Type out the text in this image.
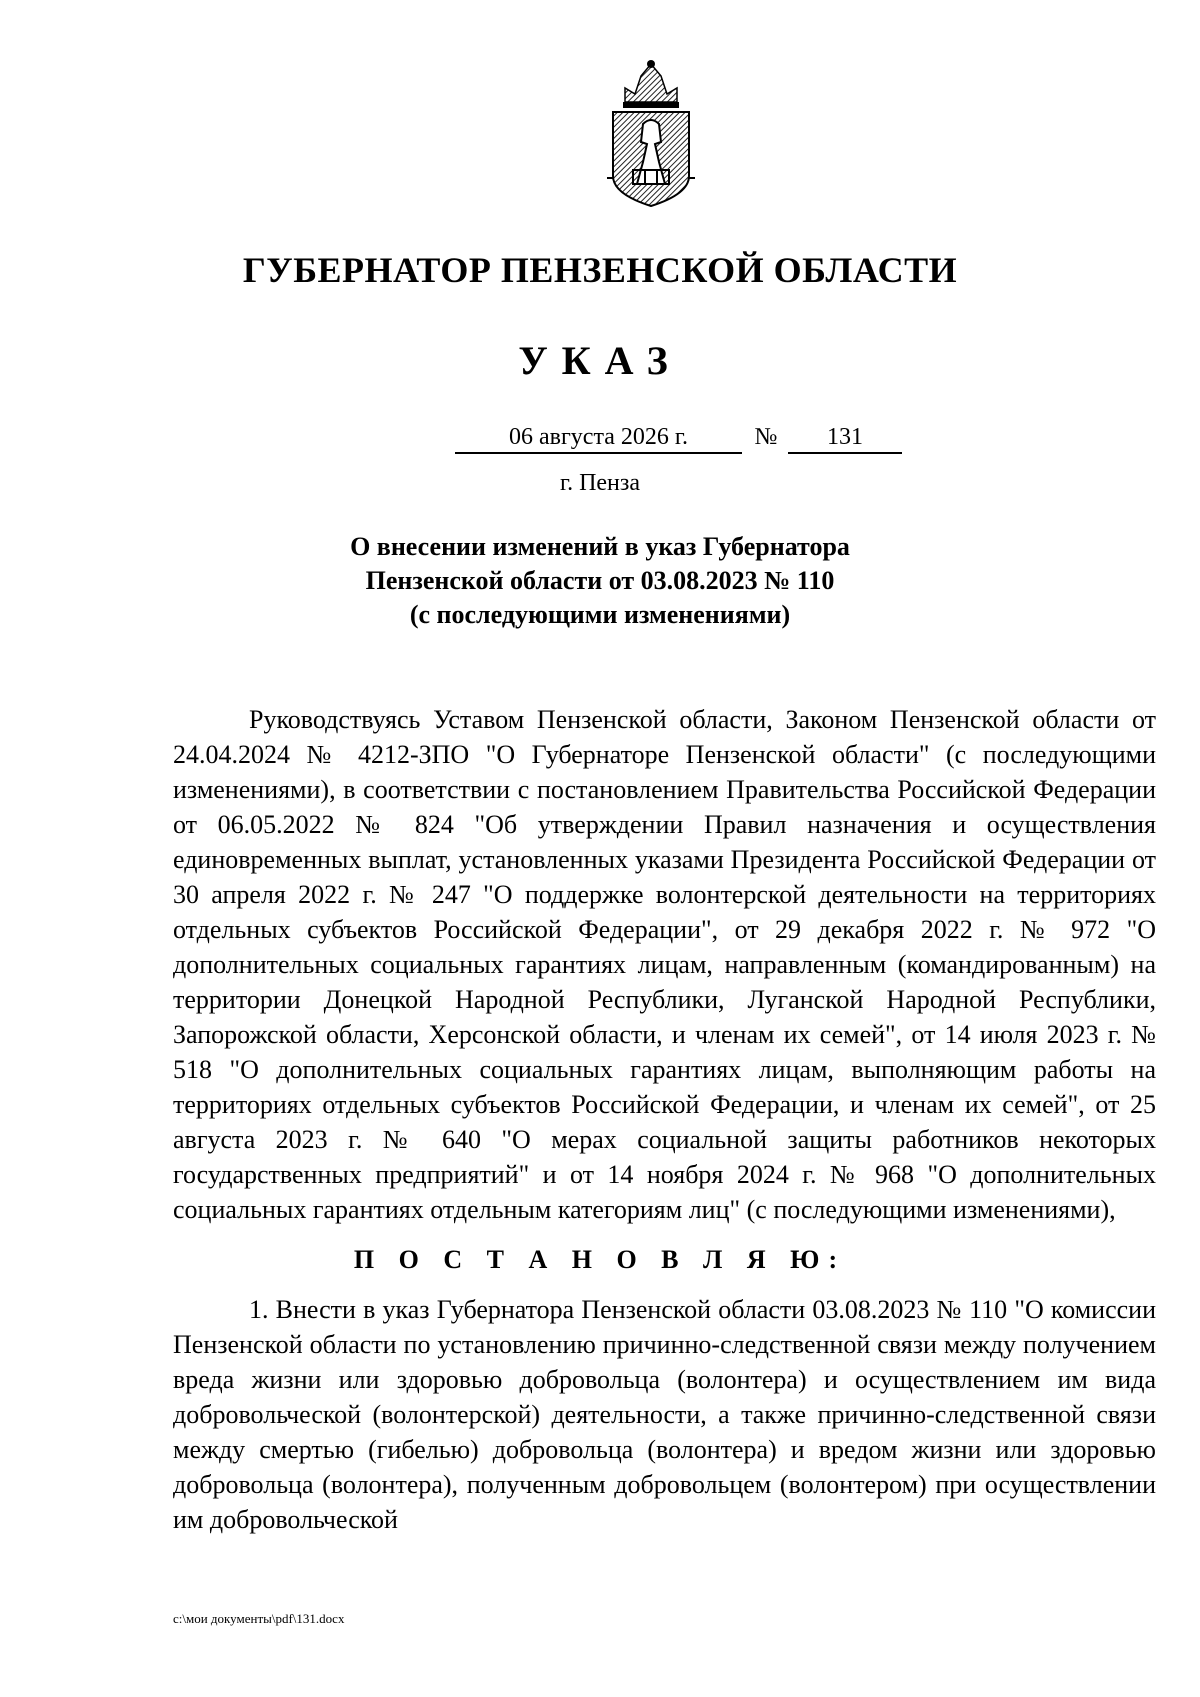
ГУБЕРНАТОР ПЕНЗЕНСКОЙ ОБЛАСТИ
УКАЗ
06 августа 2026 г.	№	131
г. Пенза
О внесении изменений в указ Губернатора
Пензенской области от 03.08.2023 № 110
(с последующими изменениями)

Руководствуясь Уставом Пензенской области, Законом Пензенской области от 24.04.2024 № 4212-ЗПО "О Губернаторе Пензенской области" (с последующими изменениями), в соответствии с постановлением Правительства Российской Федерации от 06.05.2022 № 824 "Об утверждении Правил назначения и осуществления единовременных выплат, установленных указами Президента Российской Федерации от 30 апреля 2022 г. № 247 "О поддержке волонтерской деятельности на территориях отдельных субъектов Российской Федерации", от 29 декабря 2022 г. № 972 "О дополнительных социальных гарантиях лицам, направленным (командированным) на территории Донецкой Народной Республики, Луганской Народной Республики, Запорожской области, Херсонской области, и членам их семей", от 14 июля 2023 г. № 518 "О дополнительных социальных гарантиях лицам, выполняющим работы на территориях отдельных субъектов Российской Федерации, и членам их семей", от 25 августа 2023 г. № 640 "О мерах социальной защиты работников некоторых государственных предприятий" и от 14 ноября 2024 г. № 968 "О дополнительных социальных гарантиях отдельным категориям лиц" (с последующими изменениями),

П О С Т А Н О В Л Я Ю:

1. Внести в указ Губернатора Пензенской области 03.08.2023 № 110 "О комиссии Пензенской области по установлению причинно-следственной связи между получением вреда жизни или здоровью добровольца (волонтера) и осуществлением им вида добровольческой (волонтерской) деятельности, а также причинно-следственной связи между смертью (гибелью) добровольца (волонтера) и вредом жизни или здоровью добровольца (волонтера), полученным добровольцем (волонтером) при осуществлении им добровольческой

c:\мои документы\pdf\131.docx
